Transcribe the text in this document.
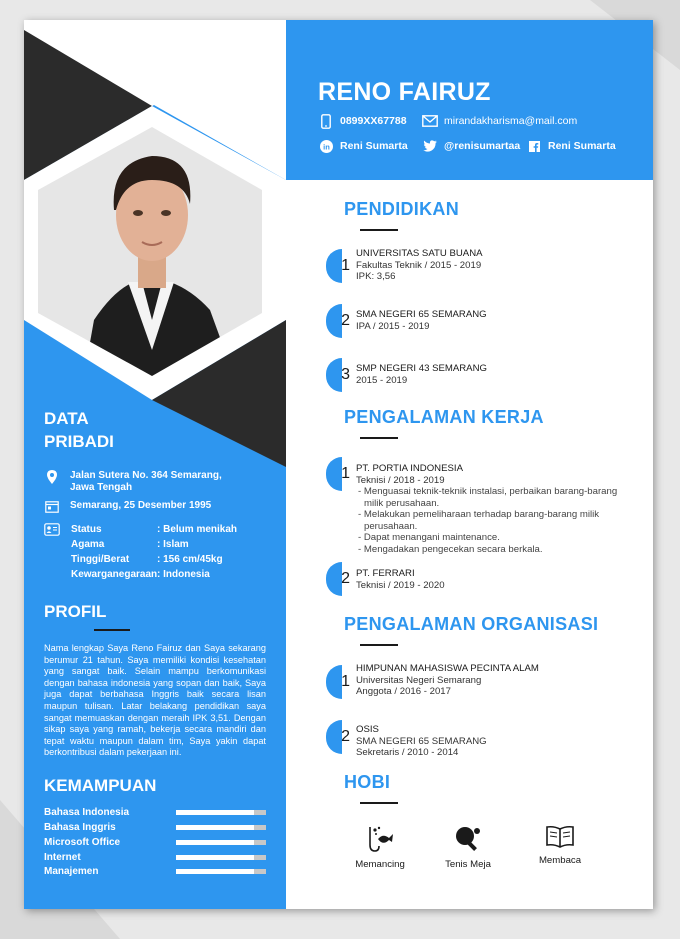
RENO FAIRUZ
0899XX67788	mirandakharisma@mail.com
in Reni Sumarta	@renisumartaa	Reni Sumarta
DATA
PRIBADI
Jalan Sutera No. 364 Semarang,
Jawa Tengah
Semarang, 25 Desember 1995
Status	: Belum menikah
Agama	: Islam
Tinggi/Berat	: 156 cm/45kg
Kewarganegaraan: Indonesia
PROFIL
Nama lengkap Saya Reno Fairuz dan Saya sekarang berumur 21 tahun. Saya memiliki kondisi kesehatan yang sangat baik. Selain mampu berkomunikasi dengan bahasa indonesia yang sopan dan baik, Saya juga dapat berbahasa Inggris baik secara lisan maupun tulisan. Latar belakang pendidikan saya sangat memuaskan dengan meraih IPK 3,51. Dengan sikap saya yang ramah, bekerja secara mandiri dan tepat waktu maupun dalam tim, Saya yakin dapat berkontribusi dalam pekerjaan ini.
KEMAMPUAN
Bahasa Indonesia
Bahasa Inggris
Microsoft Office
Internet
Manajemen
PENDIDIKAN
1
UNIVERSITAS SATU BUANA
Fakultas Teknik / 2015 - 2019
IPK: 3,56
2 SMA NEGERI 65 SEMARANG
IPA / 2015 - 2019
3 SMP NEGERI 43 SEMARANG
2015 - 2019
PENGALAMAN KERJA
1 PT. PORTIA INDONESIA
Teknisi / 2018 - 2019
- Menguasai teknik-teknik instalasi, perbaikan barang-barang milik perusahaan.
- Melakukan pemeliharaan terhadap barang-barang milik perusahaan.
- Dapat menangani maintenance.
- Mengadakan pengecekan secara berkala.
2 PT. FERRARI
Teknisi / 2019 - 2020
PENGALAMAN ORGANISASI
1
HIMPUNAN MAHASISWA PECINTA ALAM
Universitas Negeri Semarang
Anggota / 2016 - 2017
2 OSIS
SMA NEGERI 65 SEMARANG
Sekretaris / 2010 - 2014
HOBI
Memancing	Tenis Meja	Membaca
